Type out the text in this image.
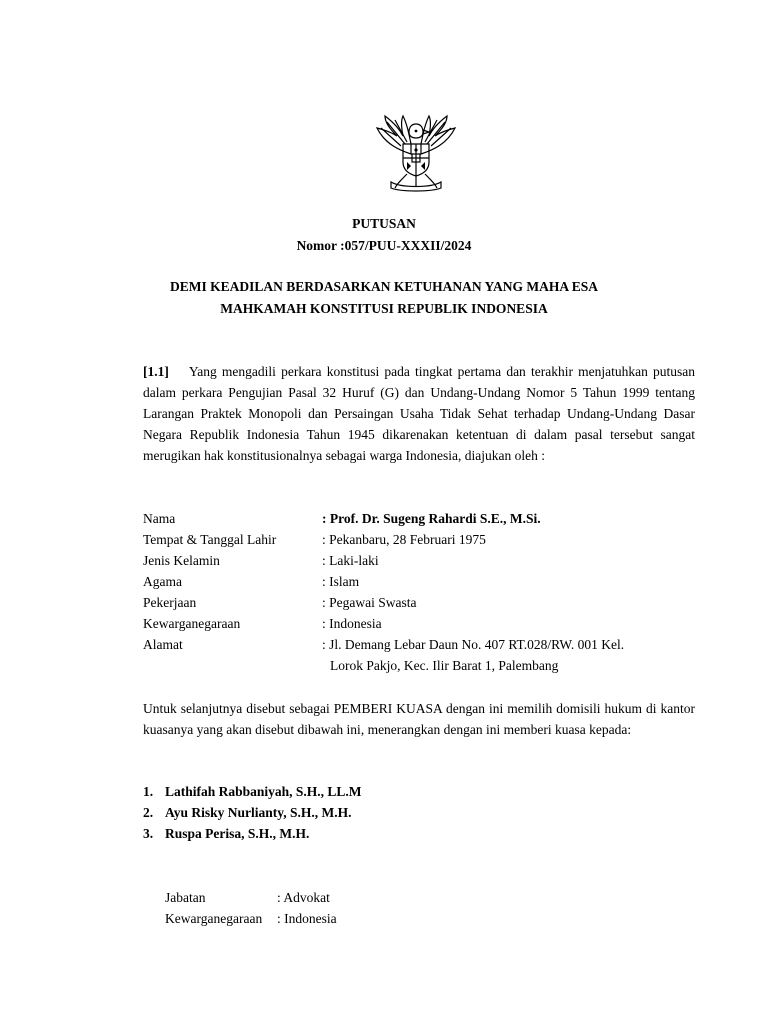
PUTUSAN
Nomor :057/PUU-XXXII/2024
DEMI KEADILAN BERDASARKAN KETUHANAN YANG MAHA ESA
MAHKAMAH KONSTITUSI REPUBLIK INDONESIA
[1.1] Yang mengadili perkara konstitusi pada tingkat pertama dan terakhir menjatuhkan putusan dalam perkara Pengujian Pasal 32 Huruf (G) dan Undang-Undang Nomor 5 Tahun 1999 tentang Larangan Praktek Monopoli dan Persaingan Usaha Tidak Sehat terhadap Undang-Undang Dasar Negara Republik Indonesia Tahun 1945 dikarenakan ketentuan di dalam pasal tersebut sangat merugikan hak konstitusionalnya sebagai warga Indonesia, diajukan oleh :
Nama	: Prof. Dr. Sugeng Rahardi S.E., M.Si.
Tempat & Tanggal Lahir	: Pekanbaru, 28 Februari 1975
Jenis Kelamin	: Laki-laki
Agama	: Islam
Pekerjaan	: Pegawai Swasta
Kewarganegaraan	: Indonesia
Alamat	: Jl. Demang Lebar Daun No. 407 RT.028/RW. 001 Kel.
Lorok Pakjo, Kec. Ilir Barat 1, Palembang
Untuk selanjutnya disebut sebagai PEMBERI KUASA dengan ini memilih domisili hukum di kantor kuasanya yang akan disebut dibawah ini, menerangkan dengan ini memberi kuasa kepada:
1. Lathifah Rabbaniyah, S.H., LL.M
2. Ayu Risky Nurlianty, S.H., M.H.
3. Ruspa Perisa, S.H., M.H.
Jabatan	: Advokat
Kewarganegaraan : Indonesia
